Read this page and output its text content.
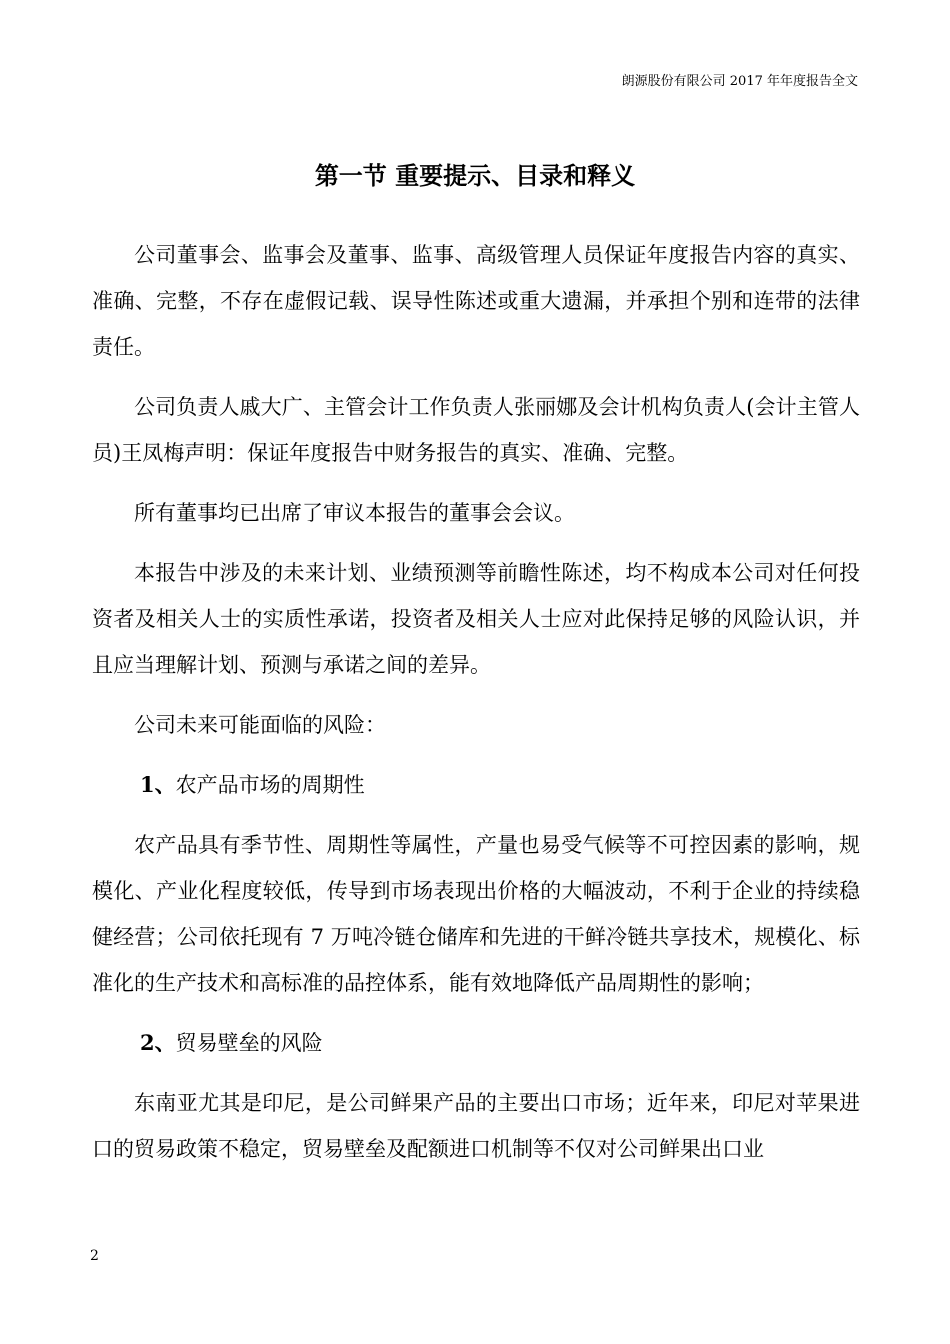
朗源股份有限公司 2017 年年度报告全文
第一节 重要提示、目录和释义

公司董事会、监事会及董事、监事、高级管理人员保证年度报告内容的真实、准确、完整，不存在虚假记载、误导性陈述或重大遗漏，并承担个别和连带的法律责任。

公司负责人戚大广、主管会计工作负责人张丽娜及会计机构负责人(会计主管人员)王凤梅声明：保证年度报告中财务报告的真实、准确、完整。

所有董事均已出席了审议本报告的董事会会议。

本报告中涉及的未来计划、业绩预测等前瞻性陈述，均不构成本公司对任何投资者及相关人士的实质性承诺，投资者及相关人士应对此保持足够的风险认识，并且应当理解计划、预测与承诺之间的差异。

公司未来可能面临的风险：

1、农产品市场的周期性

农产品具有季节性、周期性等属性，产量也易受气候等不可控因素的影响，规模化、产业化程度较低，传导到市场表现出价格的大幅波动，不利于企业的持续稳健经营；公司依托现有 7 万吨冷链仓储库和先进的干鲜冷链共享技术，规模化、标准化的生产技术和高标准的品控体系，能有效地降低产品周期性的影响；

2、贸易壁垒的风险

东南亚尤其是印尼，是公司鲜果产品的主要出口市场；近年来，印尼对苹果进口的贸易政策不稳定，贸易壁垒及配额进口机制等不仅对公司鲜果出口业

2
